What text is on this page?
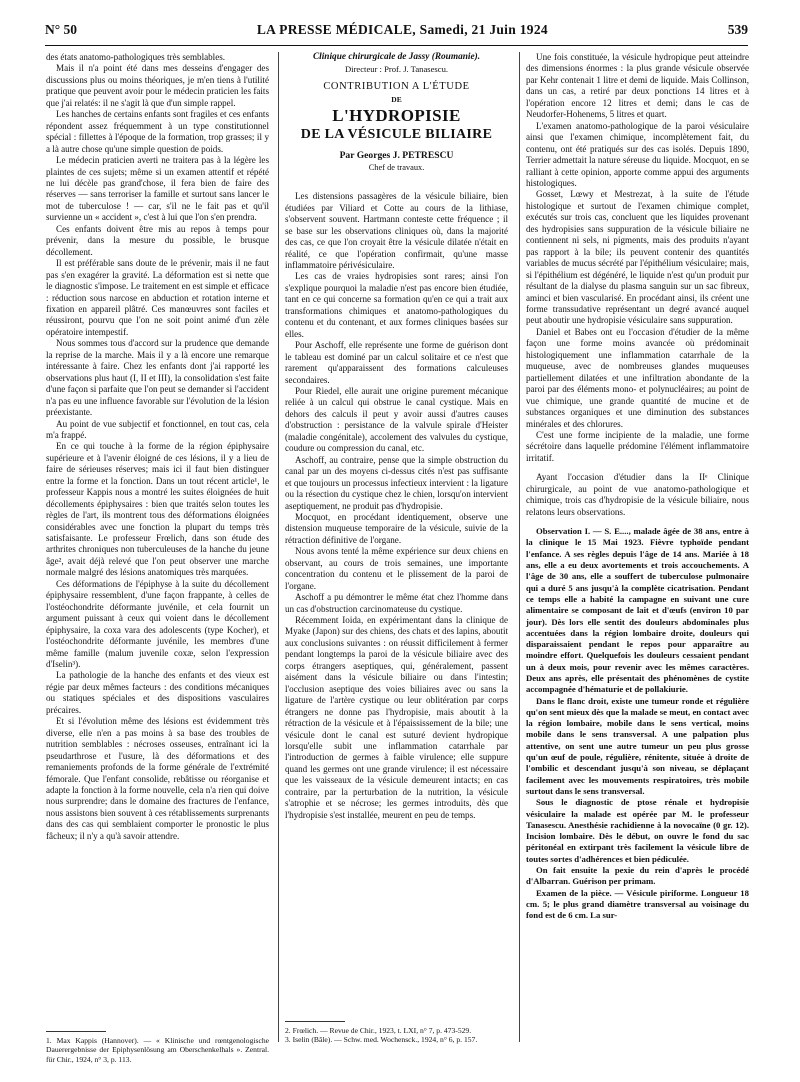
N° 50	LA PRESSE MÉDICALE, Samedi, 21 Juin 1924	539

des états anatomo-pathologiques très semblables.

Mais il n'a point été dans mes desseins d'engager des discussions plus ou moins théoriques, je m'en tiens à l'utilité pratique que peuvent avoir pour le médecin praticien les faits que j'ai relatés: il ne s'agit là que d'un simple rappel.

Les hanches de certains enfants sont fragiles et ces enfants répondent assez fréquemment à un type constitutionnel spécial : fillettes à l'époque de la formation, trop grasses; il y a là autre chose qu'une simple question de poids.

Le médecin praticien averti ne traitera pas à la légère les plaintes de ces sujets; même si un examen attentif et répété ne lui décèle pas grand'chose, il fera bien de faire des réserves — sans terroriser la famille et surtout sans lancer le mot de tuberculose ! — car, s'il ne le fait pas et qu'il survienne un « accident », c'est à lui que l'on s'en prendra.

Ces enfants doivent être mis au repos à temps pour prévenir, dans la mesure du possible, le brusque décollement.

Il est préférable sans doute de le prévenir, mais il ne faut pas s'en exagérer la gravité. La déformation est si nette que le diagnostic s'impose. Le traitement en est simple et efficace : réduction sous narcose en abduction et rotation interne et fixation en appareil plâtré. Ces manœuvres sont faciles et réussiront, pourvu que l'on ne soit point animé d'un zèle opératoire intempestif.

Nous sommes tous d'accord sur la prudence que demande la reprise de la marche. Mais il y a là encore une remarque intéressante à faire. Chez les enfants dont j'ai rapporté les observations plus haut (I, II et III), la consolidation s'est faite d'une façon si parfaite que l'on peut se demander si l'accident n'a pas eu une influence favorable sur l'évolution de la lésion préexistante.

Au point de vue subjectif et fonctionnel, en tout cas, cela m'a frappé.

En ce qui touche à la forme de la région épiphysaire supérieure et à l'avenir éloigné de ces lésions, il y a lieu de faire de sérieuses réserves; mais ici il faut bien distinguer entre la forme et la fonction. Dans un tout récent article¹, le professeur Kappis nous a montré les suites éloignées de huit décollements épiphysaires : bien que traités selon toutes les règles de l'art, ils montrent tous des déformations éloignées considérables avec une fonction la plupart du temps très satisfaisante. Le professeur Frœlich, dans son étude des arthrites chroniques non tuberculeuses de la hanche du jeune âge², avait déjà relevé que l'on peut observer une marche normale malgré des lésions anatomiques très marquées.

Ces déformations de l'épiphyse à la suite du décollement épiphysaire ressemblent, d'une façon frappante, à celles de l'ostéochondrite déformante juvénile, et cela fournit un argument puissant à ceux qui voient dans le décollement épiphysaire, la coxa vara des adolescents (type Kocher), et l'ostéochondrite déformante juvénile, les membres d'une même famille (malum juvenile coxæ, selon l'expression d'Iselin³).

La pathologie de la hanche des enfants et des vieux est régie par deux mêmes facteurs : des conditions mécaniques ou statiques spéciales et des dispositions vasculaires précaires.

Et si l'évolution même des lésions est évidemment très diverse, elle n'en a pas moins à sa base des troubles de nutrition semblables : nécroses osseuses, entraînant ici la pseudarthrose et l'usure, là des déformations et des remaniements profonds de la forme générale de l'extrémité fémorale. Que l'enfant consolide, rebâtisse ou réorganise et adapte la fonction à la forme nouvelle, cela n'a rien qui doive nous surprendre; dans le domaine des fractures de l'enfance, nous assistons bien souvent à ces rétablissements surprenants dans des cas qui semblaient comporter le pronostic le plus fâcheux; il n'y a qu'à savoir attendre.

1. Max Kappis (Hannover). — « Klinische und rœntgenologische Dauerergebnisse der Epiphysenlösung am Oberschenkelhals ». Zentral. für Chir., 1924, n° 3, p. 113.
Clinique chirurgicale de Jassy (Roumanie).
Directeur : Prof. J. Tanasescu.
CONTRIBUTION A L'ÉTUDE
DE
L'HYDROPISIE
DE LA VÉSICULE BILIAIRE
Par Georges J. PETRESCU
Chef de travaux.

Les distensions passagères de la vésicule biliaire, bien étudiées par Viliard et Cotte au cours de la lithiase, s'observent souvent. Hartmann conteste cette fréquence ; il se base sur les observations cliniques où, dans la majorité des cas, ce que l'on croyait être la vésicule dilatée n'était en réalité, ce que l'opération confirmait, qu'une masse inflammatoire périvésiculaire.

Les cas de vraies hydropisies sont rares; ainsi l'on s'explique pourquoi la maladie n'est pas encore bien étudiée, tant en ce qui concerne sa formation qu'en ce qui a trait aux transformations chimiques et anatomo-pathologiques du contenu et du contenant, et aux formes cliniques basées sur elles.

Pour Aschoff, elle représente une forme de guérison dont le tableau est dominé par un calcul solitaire et ce n'est que rarement qu'apparaissent des formations calculeuses secondaires.

Pour Riedel, elle aurait une origine purement mécanique reliée à un calcul qui obstrue le canal cystique. Mais en dehors des calculs il peut y avoir aussi d'autres causes d'obstruction : persistance de la valvule spirale d'Heister (maladie congénitale), accolement des valvules du cystique, coudure ou compression du canal, etc.

Aschoff, au contraire, pense que la simple obstruction du canal par un des moyens ci-dessus cités n'est pas suffisante et que toujours un processus infectieux intervient : la ligature ou la résection du cystique chez le chien, lorsqu'on intervient aseptiquement, ne produit pas d'hydropisie.

Mocquot, en procédant identiquement, observe une distension muqueuse temporaire de la vésicule, suivie de la rétraction définitive de l'organe.

Nous avons tenté la même expérience sur deux chiens en observant, au cours de trois semaines, une importante concentration du contenu et le plissement de la paroi de l'organe.

Aschoff a pu démontrer le même état chez l'homme dans un cas d'obstruction carcinomateuse du cystique.

Récemment Ioida, en expérimentant dans la clinique de Myake (Japon) sur des chiens, des chats et des lapins, aboutit aux conclusions suivantes : on réussit difficilement à fermer pendant longtemps la paroi de la vésicule biliaire avec des corps étrangers aseptiques, qui, généralement, passent aisément dans la vésicule biliaire ou dans l'intestin; l'occlusion aseptique des voies biliaires avec ou sans la ligature de l'artère cystique ou leur oblitération par corps étrangers ne donne pas l'hydropisie, mais aboutit à la rétraction de la vésicule et à l'épaississement de la bile; une vésicule dont le canal est suturé devient hydropique lorsqu'elle subit une inflammation catarrhale par l'introduction de germes à faible virulence; elle suppure quand les germes ont une grande virulence; il est nécessaire que les vaisseaux de la vésicule demeurent intacts; en cas contraire, par la perturbation de la nutrition, la vésicule s'atrophie et se nécrose; les germes introduits, dès que l'hydropisie s'est installée, meurent en peu de temps.

2. Frœlich. — Revue de Chir., 1923, t. LXI, n° 7, p. 473-529.
3. Iselin (Bâle). — Schw. med. Wochensck., 1924, n° 6, p. 157.

Une fois constituée, la vésicule hydropique peut atteindre des dimensions énormes : la plus grande vésicule observée par Kehr contenait 1 litre et demi de liquide. Mais Collinson, dans un cas, a retiré par deux ponctions 14 litres et à l'opération encore 12 litres et demi; dans le cas de Neudorfer-Hohenems, 5 litres et quart.

L'examen anatomo-pathologique de la paroi vésiculaire ainsi que l'examen chimique, incomplètement fait, du contenu, ont été pratiqués sur des cas isolés. Depuis 1890, Terrier admettait la nature séreuse du liquide. Mocquot, en se ralliant à cette opinion, apporte comme appui des arguments histologiques.

Gosset, Lœwy et Mestrezat, à la suite de l'étude histologique et surtout de l'examen chimique complet, exécutés sur trois cas, concluent que les liquides provenant des hydropisies sans suppuration de la vésicule biliaire ne contiennent ni sels, ni pigments, mais des produits n'ayant pas rapport à la bile; ils peuvent contenir des quantités variables de mucus sécrété par l'épithélium vésiculaire; mais, si l'épithélium est dégénéré, le liquide n'est qu'un produit pur résultant de la dialyse du plasma sanguin sur un sac fibreux, aminci et bien vascularisé. En procédant ainsi, ils créent une forme transsudative représentant un degré avancé auquel peut aboutir une hydropisie vésiculaire sans suppuration.

Daniel et Babes ont eu l'occasion d'étudier de la même façon une forme moins avancée où prédominait histologiquement une inflammation catarrhale de la muqueuse, avec de nombreuses glandes muqueuses partiellement dilatées et une infiltration abondante de la paroi par des éléments mono- et polynucléaires; au point de vue chimique, une grande quantité de mucine et de substances organiques et une diminution des substances minérales et des chlorures.

C'est une forme incipiente de la maladie, une forme sécrétoire dans laquelle prédomine l'élément inflammatoire irritatif.

Ayant l'occasion d'étudier dans la IIᵉ Clinique chirurgicale, au point de vue anatomo-pathologique et chimique, trois cas d'hydropisie de la vésicule biliaire, nous relatons leurs observations.

Observation I. — S. E...., malade âgée de 38 ans, entre à la clinique le 15 Mai 1923. Fièvre typhoïde pendant l'enfance. A ses règles depuis l'âge de 14 ans. Mariée à 18 ans, elle a eu deux avortements et trois accouchements. A l'âge de 30 ans, elle a souffert de tuberculose pulmonaire qui a duré 5 ans jusqu'à la complète cicatrisation. Pendant ce temps elle a habité la campagne en suivant une cure alimentaire se composant de lait et d'œufs (environ 10 par jour). Dès lors elle sentit des douleurs abdominales plus accentuées dans la région lombaire droite, douleurs qui disparaissaient pendant le repos pour apparaître au moindre effort. Quelquefois les douleurs cessaient pendant un à deux mois, pour revenir avec les mêmes caractères. Deux ans après, elle présentait des phénomènes de cystite accompagnée d'hématurie et de pollakiurie.

Dans le flanc droit, existe une tumeur ronde et régulière qu'on sent mieux dès que la malade se meut, en contact avec la région lombaire, mobile dans le sens vertical, moins mobile dans le sens transversal. A une palpation plus attentive, on sent une autre tumeur un peu plus grosse qu'un œuf de poule, régulière, rénitente, située à droite de l'ombilic et descendant jusqu'à son niveau, se déplaçant facilement avec les mouvements respiratoires, très mobile surtout dans le sens transversal.

Sous le diagnostic de ptose rénale et hydropisie vésiculaire la malade est opérée par M. le professeur Tanasescu. Anesthésie rachidienne à la novocaïne (0 gr. 12). Incision lombaire. Dès le début, on ouvre le fond du sac péritonéal en extirpant très facilement la vésicule libre de toutes sortes d'adhérences et bien pédiculée.

On fait ensuite la pexie du rein d'après le procédé d'Albarran. Guérison per primam.

Examen de la pièce. — Vésicule piriforme. Longueur 18 cm. 5; le plus grand diamètre transversal au voisinage du fond est de 6 cm. La sur-
